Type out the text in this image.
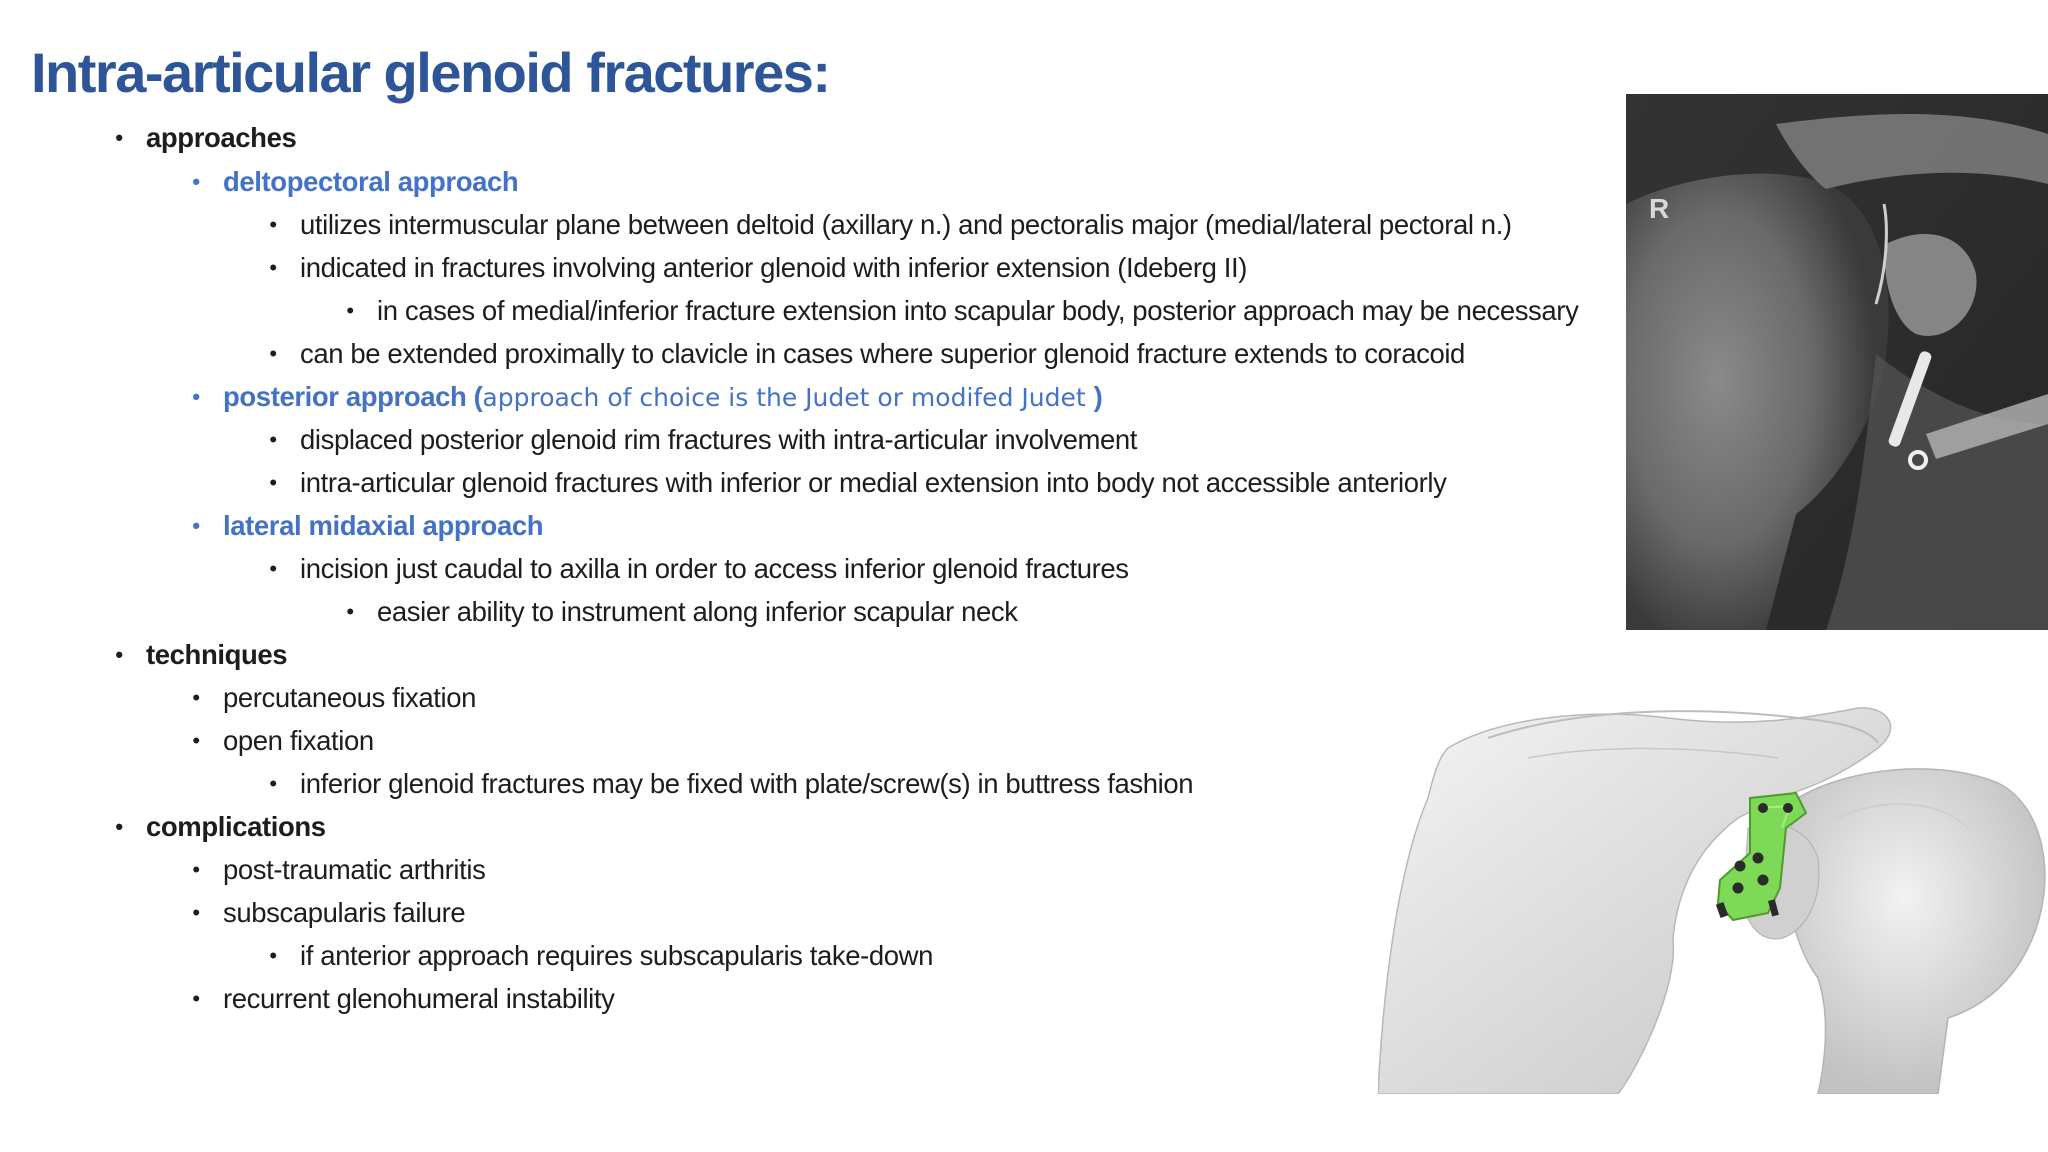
Intra-articular glenoid fractures:
• approaches
• deltopectoral approach
• utilizes intermuscular plane between deltoid (axillary n.) and pectoralis major (medial/lateral pectoral n.)
• indicated in fractures involving anterior glenoid with inferior extension (Ideberg II)
• in cases of medial/inferior fracture extension into scapular body, posterior approach may be necessary
• can be extended proximally to clavicle in cases where superior glenoid fracture extends to coracoid
• posterior approach (approach of choice is the Judet or modifed Judet )
• displaced posterior glenoid rim fractures with intra-articular involvement
• intra-articular glenoid fractures with inferior or medial extension into body not accessible anteriorly
• lateral midaxial approach
• incision just caudal to axilla in order to access inferior glenoid fractures
• easier ability to instrument along inferior scapular neck
• techniques
• percutaneous fixation
• open fixation
• inferior glenoid fractures may be fixed with plate/screw(s) in buttress fashion
• complications
• post-traumatic arthritis
• subscapularis failure
• if anterior approach requires subscapularis take-down
• recurrent glenohumeral instability
R
